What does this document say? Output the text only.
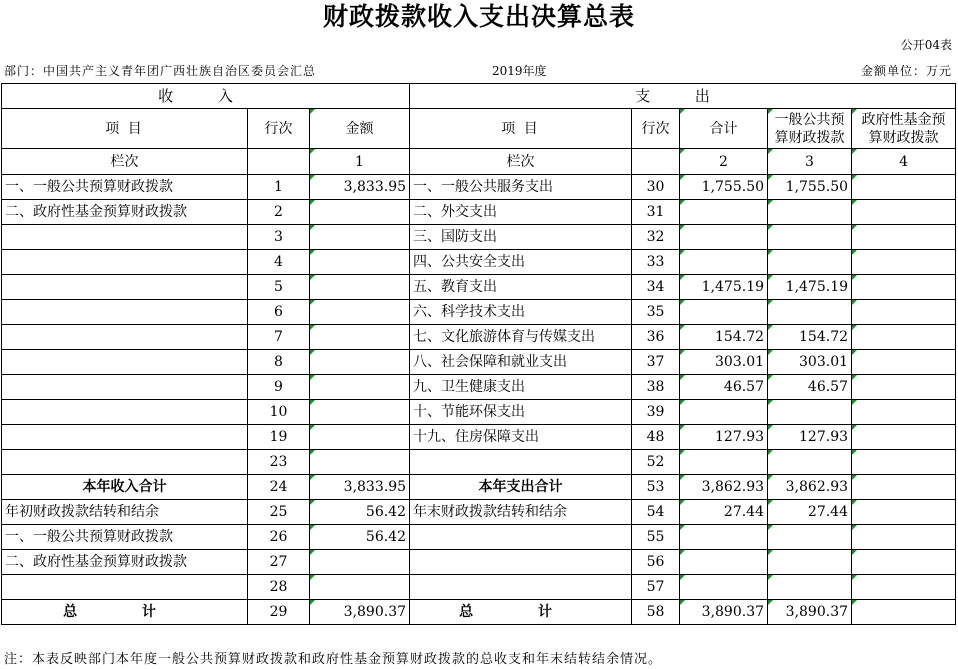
财政拨款收入支出决算总表
公开04表
部门：中国共产主义青年团广西壮族自治区委员会汇总	2019年度	金额单位：万元
收 入			支 出				
项 目	行次	金额	项 目	行次	合计	一般公共预算财政拨款	政府性基金预算财政拨款
栏次		1	栏次		2	3	4
一、一般公共预算财政拨款	1	3,833.95	一、一般公共服务支出	30	1,755.50	1,755.50	
二、政府性基金预算财政拨款	2		二、外交支出	31			
	3		三、国防支出	32			
	4		四、公共安全支出	33			
	5		五、教育支出	34	1,475.19	1,475.19	
	6		六、科学技术支出	35			
	7		七、文化旅游体育与传媒支出	36	154.72	154.72	
	8		八、社会保障和就业支出	37	303.01	303.01	
	9		九、卫生健康支出	38	46.57	46.57	
	10		十、节能环保支出	39			
	19		十九、住房保障支出	48	127.93	127.93	
	23			52			
本年收入合计	24	3,833.95	本年支出合计	53	3,862.93	3,862.93	
年初财政拨款结转和结余	25	56.42	年末财政拨款结转和结余	54	27.44	27.44	
一、一般公共预算财政拨款	26	56.42		55			
二、政府性基金预算财政拨款	27			56			
	28			57			
总 计	29	3,890.37	总 计	58	3,890.37	3,890.37	
注：本表反映部门本年度一般公共预算财政拨款和政府性基金预算财政拨款的总收支和年末结转结余情况。
